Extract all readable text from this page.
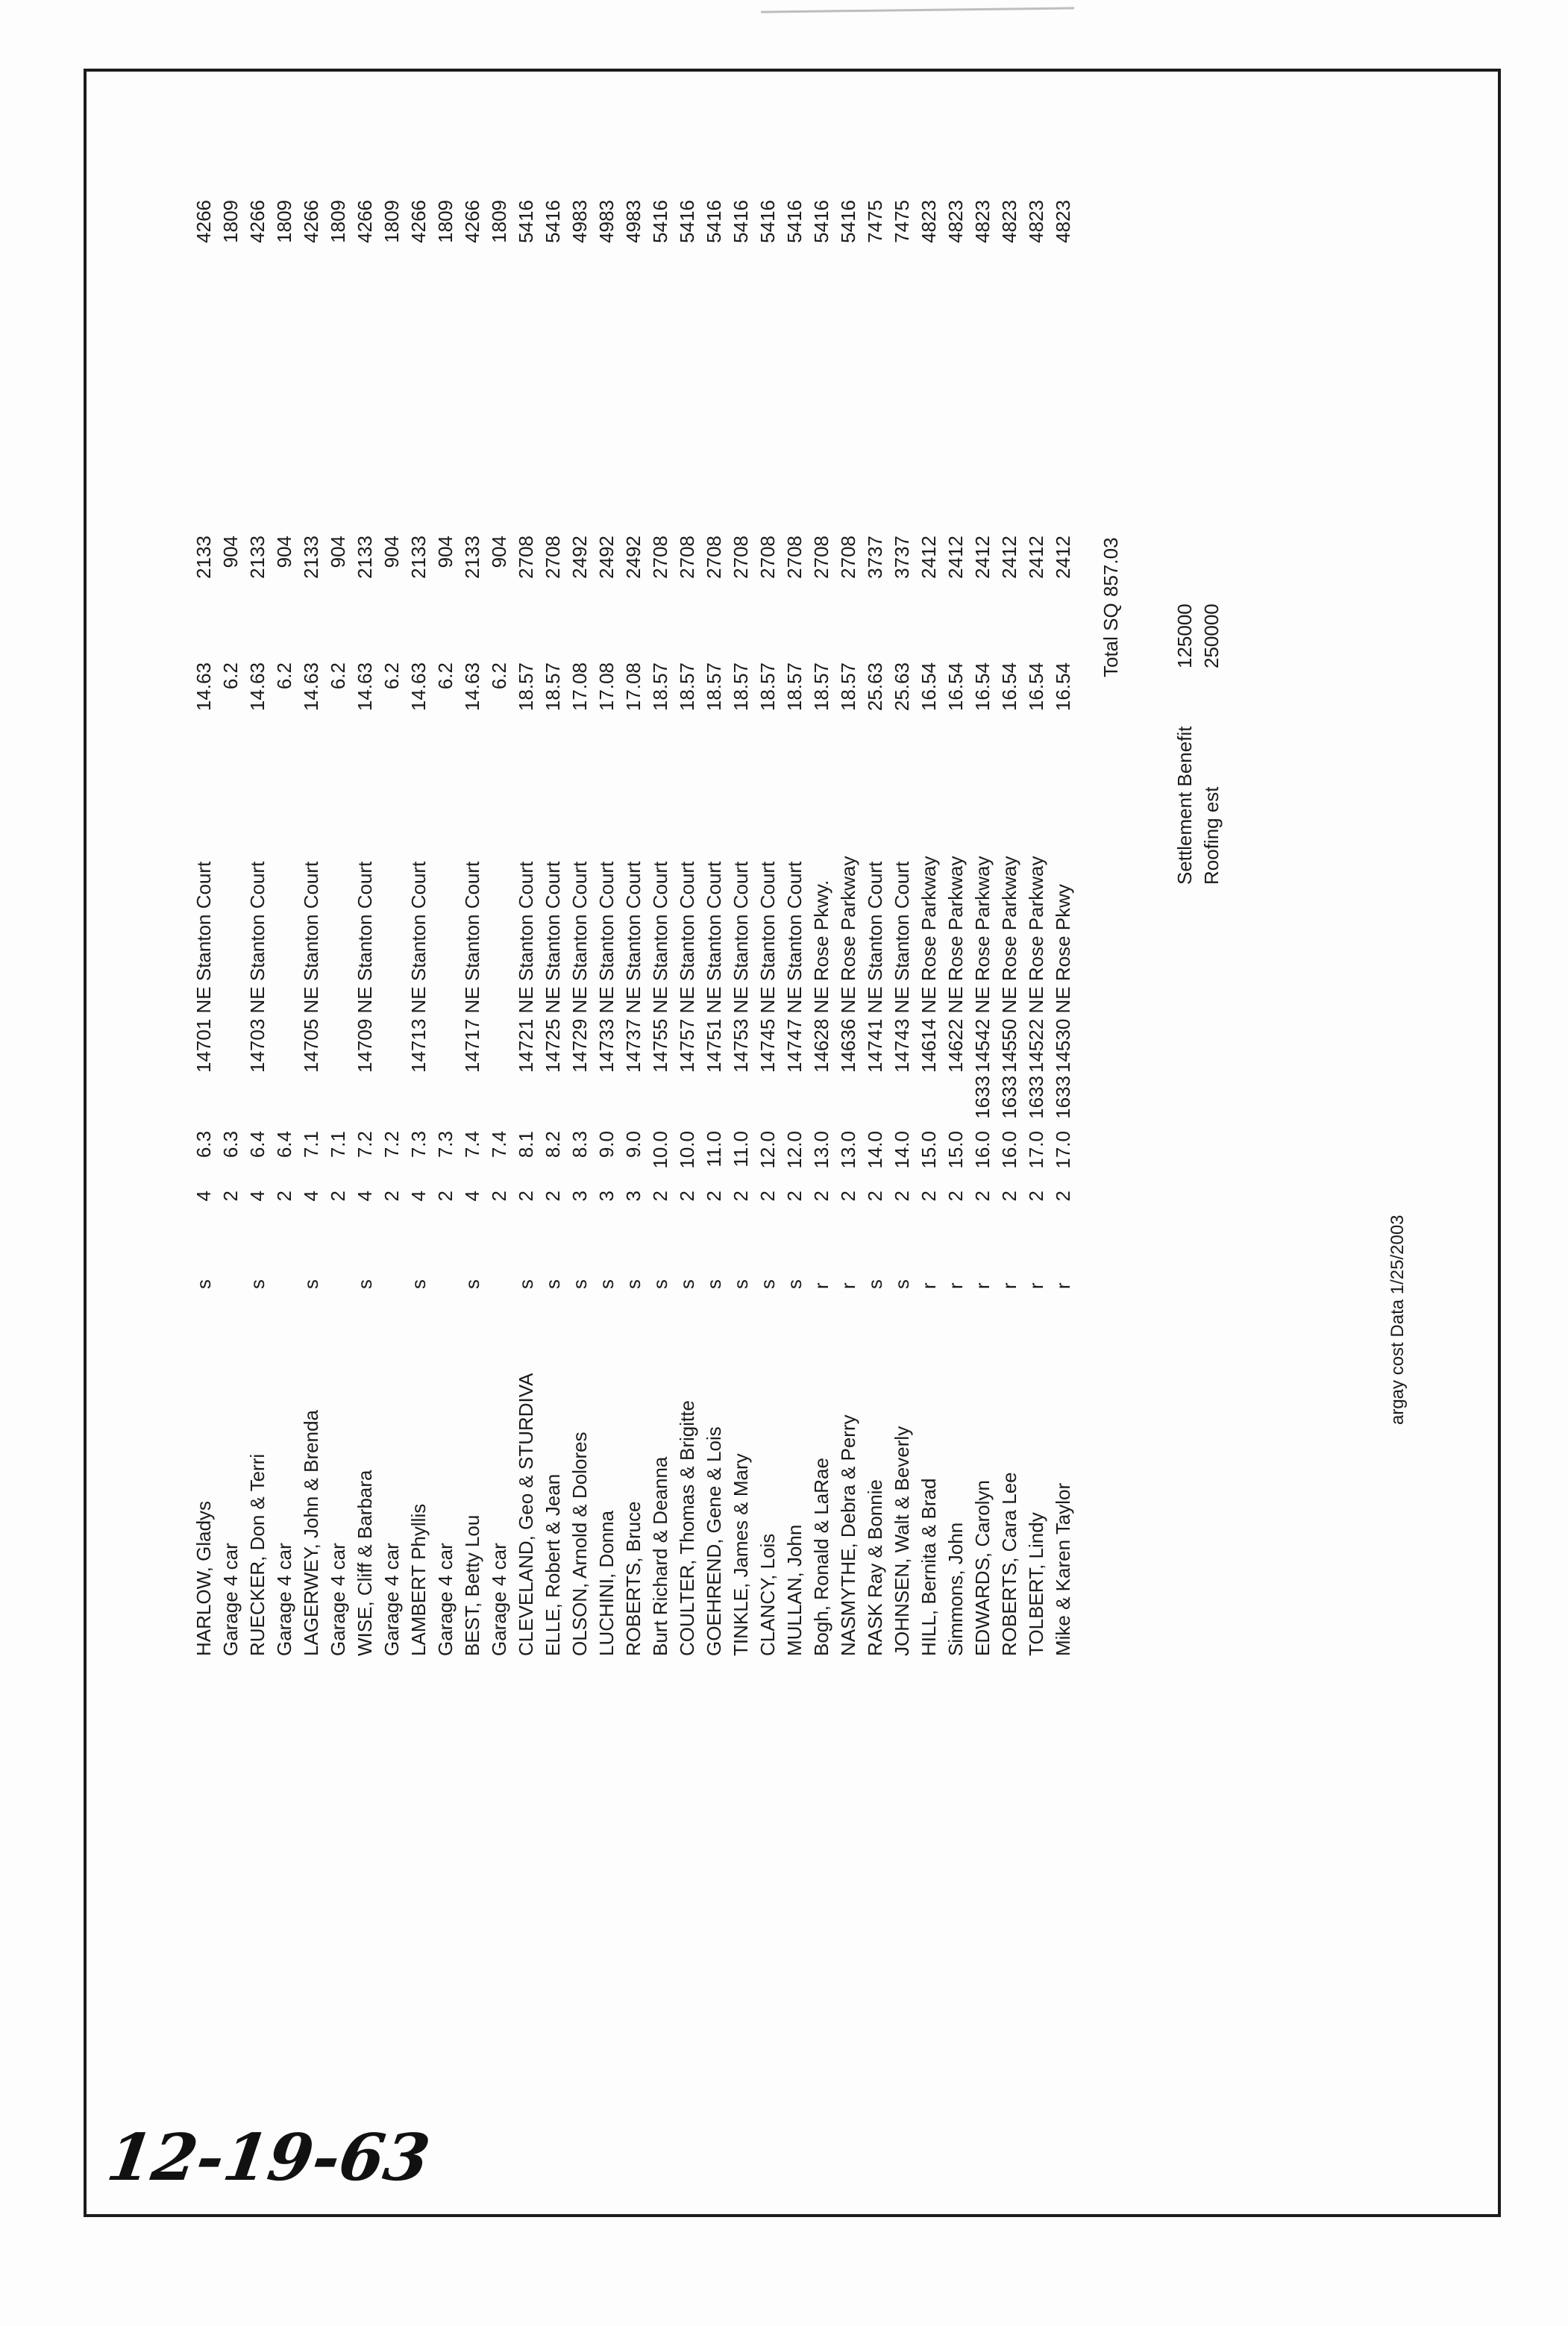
HARLOW, Gladys	s	4	6.3		14701 NE Stanton Court	14.63	2133	4266
Garage 4 car		2	6.3			6.2	904	1809
RUECKER, Don & Terri	s	4	6.4		14703 NE Stanton Court	14.63	2133	4266
Garage 4 car		2	6.4			6.2	904	1809
LAGERWEY, John & Brenda	s	4	7.1		14705 NE Stanton Court	14.63	2133	4266
Garage 4 car		2	7.1			6.2	904	1809
WISE, Cliff & Barbara	s	4	7.2		14709 NE Stanton Court	14.63	2133	4266
Garage 4 car		2	7.2			6.2	904	1809
LAMBERT Phyllis	s	4	7.3		14713 NE Stanton Court	14.63	2133	4266
Garage 4 car		2	7.3			6.2	904	1809
BEST, Betty Lou	s	4	7.4		14717 NE Stanton Court	14.63	2133	4266
Garage 4 car		2	7.4			6.2	904	1809
CLEVELAND, Geo & STURDIVA	s	2	8.1		14721 NE Stanton Court	18.57	2708	5416
ELLE, Robert & Jean	s	2	8.2		14725 NE Stanton Court	18.57	2708	5416
OLSON, Arnold & Dolores	s	3	8.3		14729 NE Stanton Court	17.08	2492	4983
LUCHINI, Donna	s	3	9.0		14733 NE Stanton Court	17.08	2492	4983
ROBERTS, Bruce	s	3	9.0		14737 NE Stanton Court	17.08	2492	4983
Burt Richard & Deanna	s	2	10.0		14755 NE Stanton Court	18.57	2708	5416
COULTER, Thomas & Brigitte	s	2	10.0		14757 NE Stanton Court	18.57	2708	5416
GOEHREND, Gene & Lois	s	2	11.0		14751 NE Stanton Court	18.57	2708	5416
TINKLE, James & Mary	s	2	11.0		14753 NE Stanton Court	18.57	2708	5416
CLANCY, Lois	s	2	12.0		14745 NE Stanton Court	18.57	2708	5416
MULLAN, John	s	2	12.0		14747 NE Stanton Court	18.57	2708	5416
Bogh, Ronald & LaRae	r	2	13.0		14628 NE Rose Pkwy.	18.57	2708	5416
NASMYTHE, Debra & Perry	r	2	13.0		14636 NE Rose Parkway	18.57	2708	5416
RASK Ray & Bonnie	s	2	14.0		14741 NE Stanton Court	25.63	3737	7475
JOHNSEN, Walt & Beverly	s	2	14.0		14743 NE Stanton Court	25.63	3737	7475
HILL, Bernita & Brad	r	2	15.0		14614 NE Rose Parkway	16.54	2412	4823
Simmons, John	r	2	15.0		14622 NE Rose Parkway	16.54	2412	4823
EDWARDS, Carolyn	r	2	16.0	1633	14542 NE Rose Parkway	16.54	2412	4823
ROBERTS, Cara Lee	r	2	16.0	1633	14550 NE Rose Parkway	16.54	2412	4823
TOLBERT, Lindy	r	2	17.0	1633	14522 NE Rose Parkway	16.54	2412	4823
Mike & Karen Taylor	r	2	17.0	1633	14530 NE Rose Pkwy	16.54	2412	4823
Total SQ
857.03
Settlement Benefit
125000
Roofing est
250000
argay cost Data 1/25/2003
12-19-63
